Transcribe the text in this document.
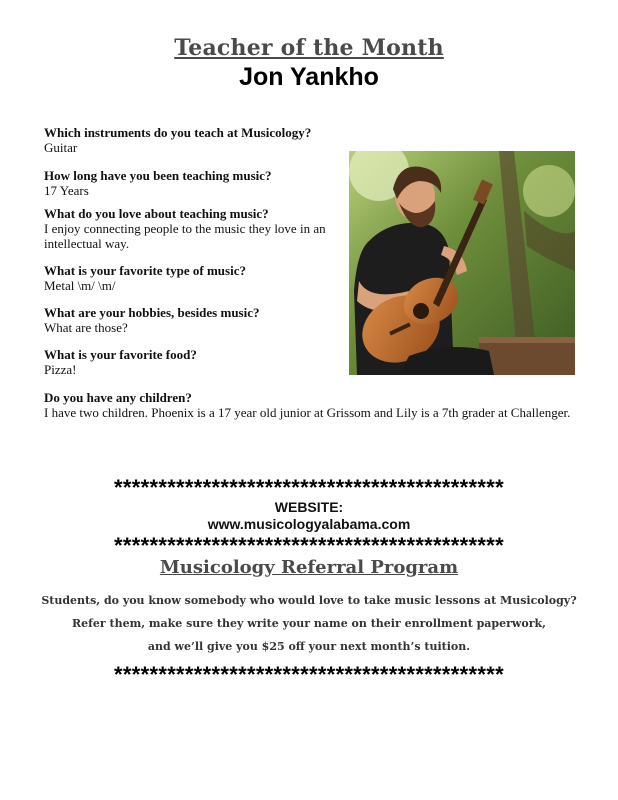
Teacher of the Month
Jon Yankho
Which instruments do you teach at Musicology?
Guitar
How long have you been teaching music?
17 Years
What do you love about teaching music?
I enjoy connecting people to the music they love in an intellectual way.
What is your favorite type of music?
Metal \m/ \m/
What are your hobbies, besides music?
What are those?
What is your favorite food?
Pizza!
Do you have any children?
I have two children. Phoenix is a 17 year old junior at Grissom and Lily is a 7th grader at Challenger.
********************************************
WEBSITE:
www.musicologyalabama.com
********************************************
Musicology Referral Program
Students, do you know somebody who would love to take music lessons at Musicology?
Refer them, make sure they write your name on their enrollment paperwork,
and we’ll give you $25 off your next month’s tuition.
********************************************
